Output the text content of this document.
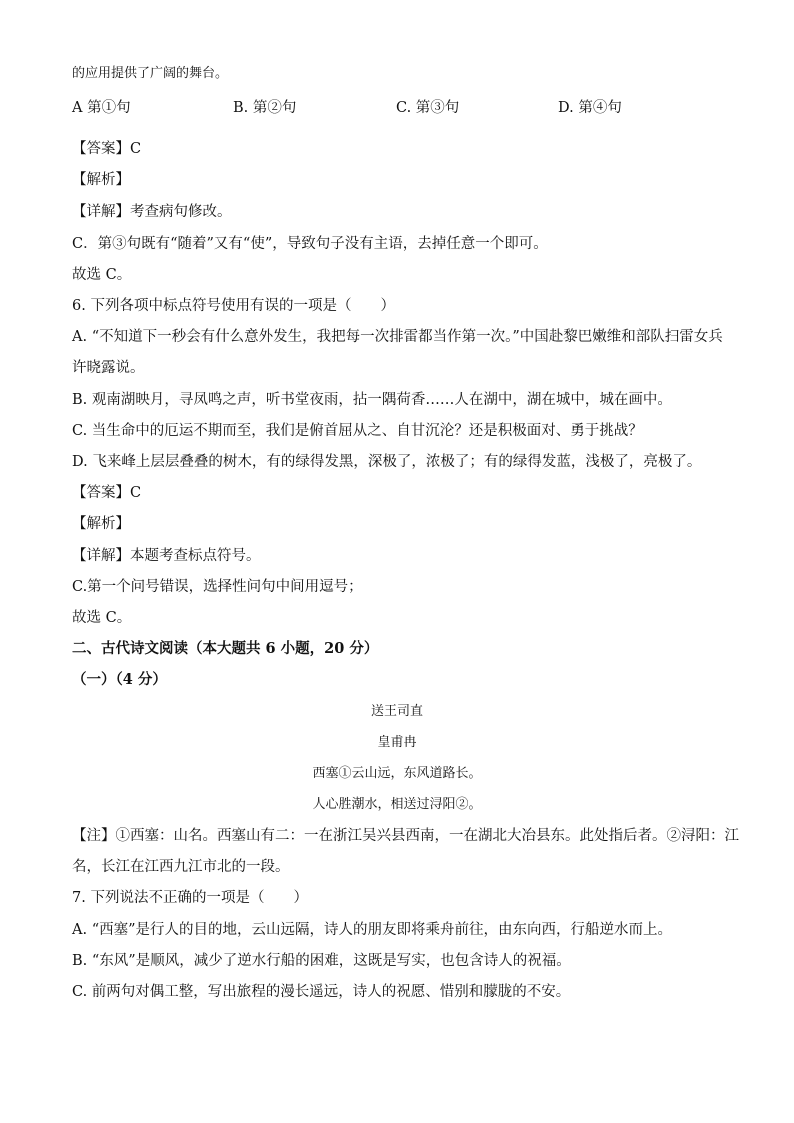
的应用提供了广阔的舞台。
A 第①句	B. 第②句	C. 第③句	D. 第④句
【答案】C
【解析】
【详解】考查病句修改。
C．第③句既有“随着”又有“使”，导致句子没有主语，去掉任意一个即可。
故选 C。
6. 下列各项中标点符号使用有误的一项是（　　）
A. “不知道下一秒会有什么意外发生，我把每一次排雷都当作第一次。”中国赴黎巴嫩维和部队扫雷女兵
许晓露说。
B. 观南湖映月，寻凤鸣之声，听书堂夜雨，拈一隅荷香……人在湖中，湖在城中，城在画中。
C. 当生命中的厄运不期而至，我们是俯首屈从之、自甘沉沦？还是积极面对、勇于挑战？
D. 飞来峰上层层叠叠的树木，有的绿得发黑，深极了，浓极了；有的绿得发蓝，浅极了，亮极了。
【答案】C
【解析】
【详解】本题考查标点符号。
C.第一个问号错误，选择性问句中间用逗号；
故选 C。
二、古代诗文阅读（本大题共 6 小题，20 分）
（一）（4 分）
送王司直
皇甫冉
西塞①云山远，东风道路长。
人心胜潮水，相送过浔阳②。
【注】①西塞：山名。西塞山有二：一在浙江吴兴县西南，一在湖北大冶县东。此处指后者。②浔阳：江
名，长江在江西九江市北的一段。
7. 下列说法不正确的一项是（　　）
A. “西塞”是行人的目的地，云山远隔，诗人的朋友即将乘舟前往，由东向西，行船逆水而上。
B. “东风”是顺风，减少了逆水行船的困难，这既是写实，也包含诗人的祝福。
C. 前两句对偶工整，写出旅程的漫长遥远，诗人的祝愿、惜别和朦胧的不安。
